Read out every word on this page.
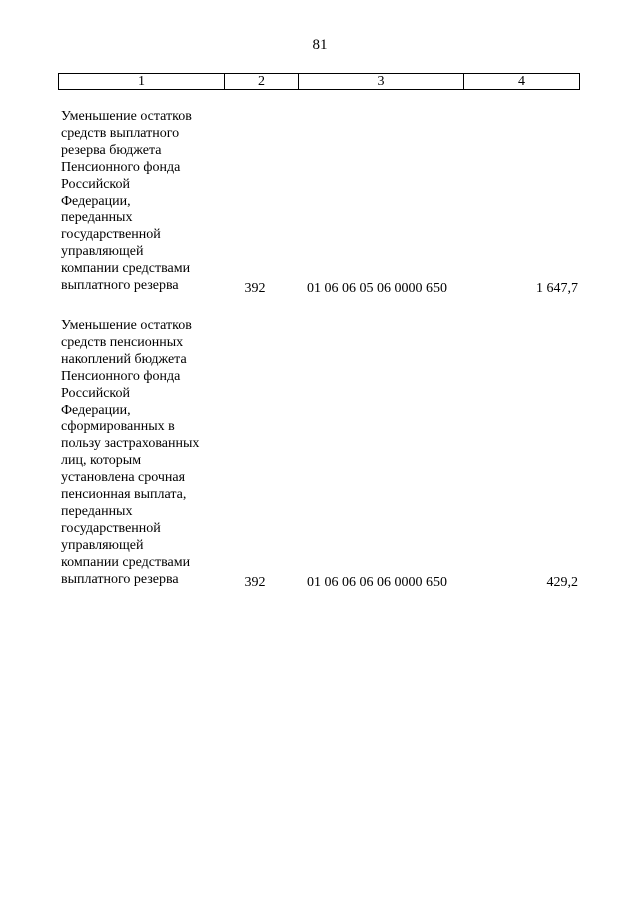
81
1	2	3	4
Уменьшение остатков
средств выплатного
резерва бюджета
Пенсионного фонда
Российской
Федерации,
переданных
государственной
управляющей
компании средствами
выплатного резерва	392	01 06 06 05 06 0000 650	1 647,7
Уменьшение остатков
средств пенсионных
накоплений бюджета
Пенсионного фонда
Российской
Федерации,
сформированных в
пользу застрахованных
лиц, которым
установлена срочная
пенсионная выплата,
переданных
государственной
управляющей
компании средствами
выплатного резерва	392	01 06 06 06 06 0000 650	429,2
